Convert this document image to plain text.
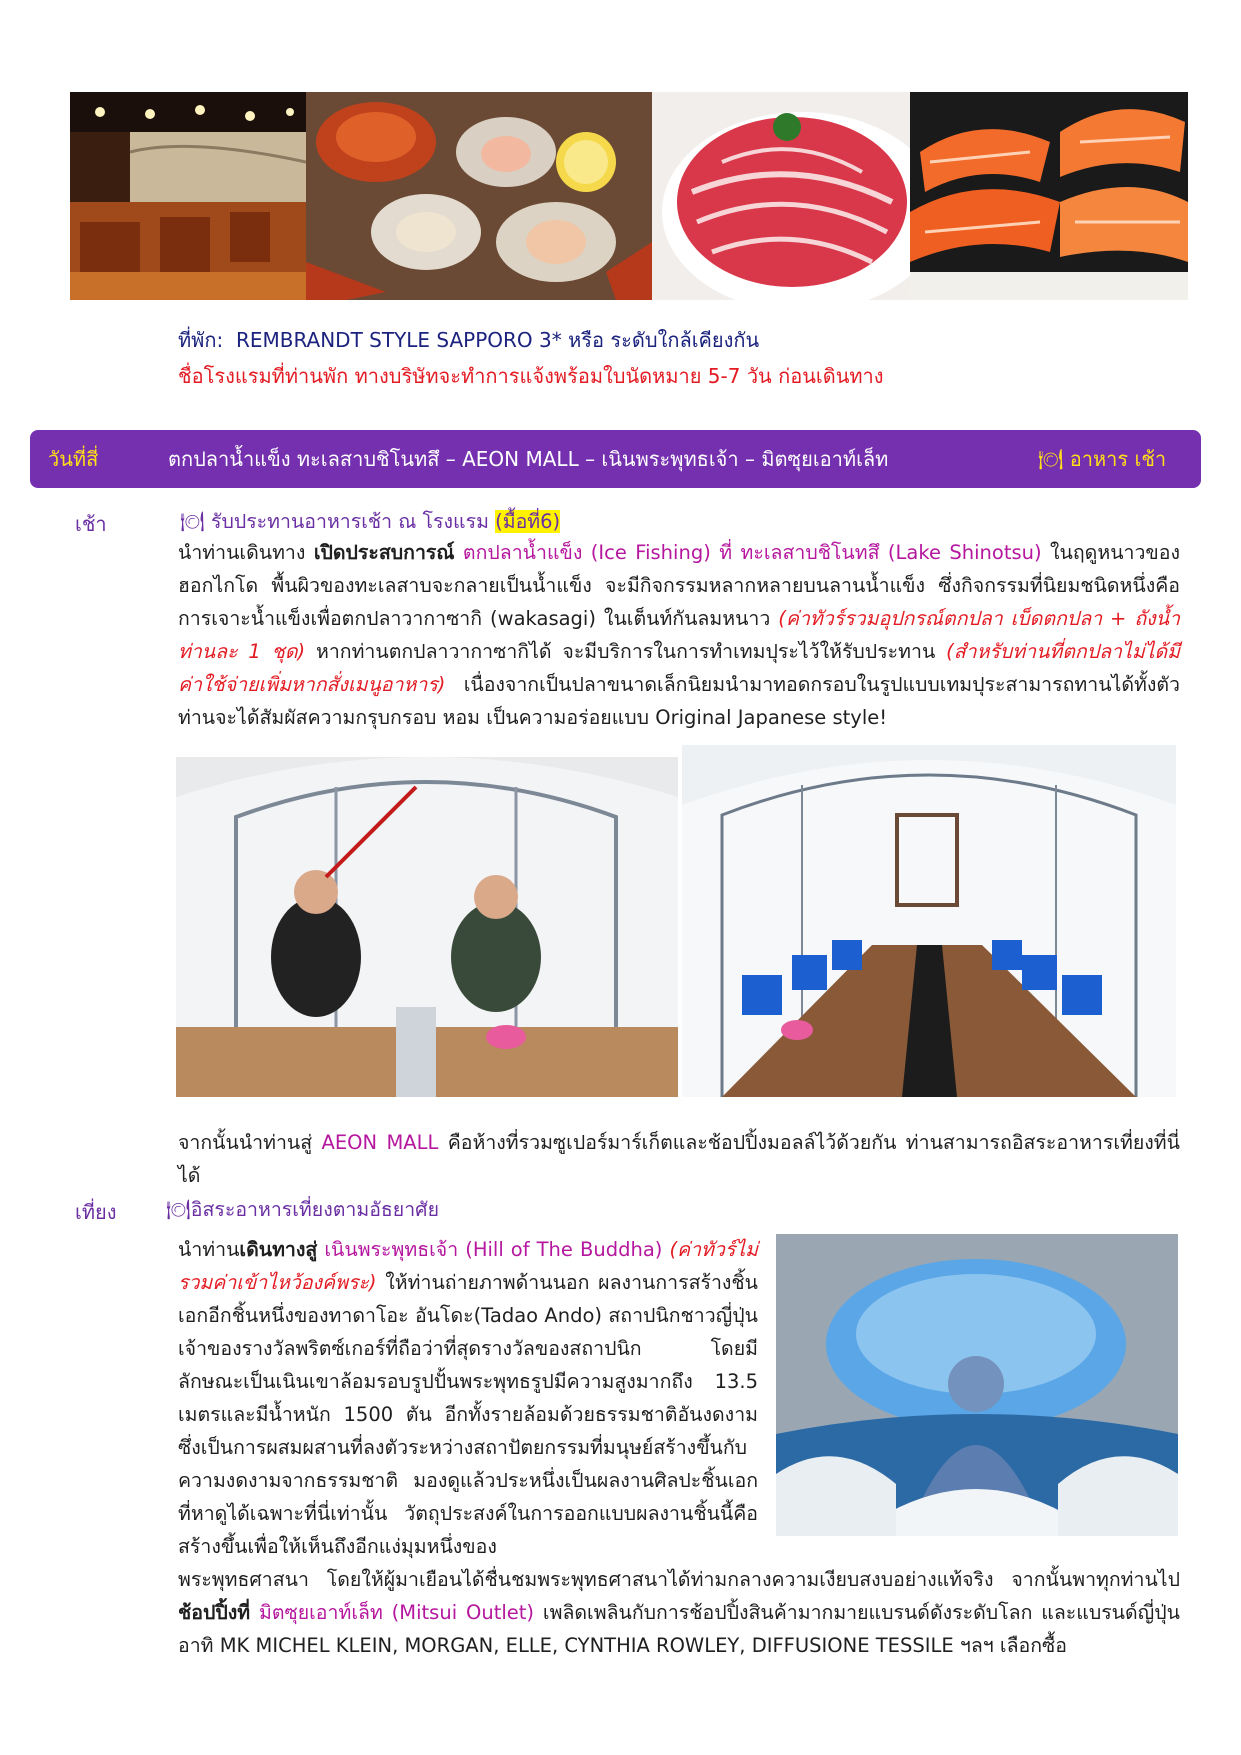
ที่พัก: REMBRANDT STYLE SAPPORO 3* หรือ ระดับใกล้เคียงกัน
ชื่อโรงแรมที่ท่านพัก ทางบริษัทจะทำการแจ้งพร้อมใบนัดหมาย 5-7 วัน ก่อนเดินทาง
วันที่สี่	ตกปลาน้ำแข็ง ทะเลสาบชิโนทสึ – AEON MALL – เนินพระพุทธเจ้า – มิตซุยเอาท์เล็ท	🍽 อาหาร เช้า
เช้า	🍽 รับประทานอาหารเช้า ณ โรงแรม (มื้อที่6)
นำท่านเดินทาง เปิดประสบการณ์ ตกปลาน้ำแข็ง (Ice Fishing) ที่ ทะเลสาบชิโนทสึ (Lake Shinotsu) ในฤดูหนาวของฮอกไกโด พื้นผิวของทะเลสาบจะกลายเป็นน้ำแข็ง จะมีกิจกรรมหลากหลายบนลานน้ำแข็ง ซึ่งกิจกรรมที่นิยมชนิดหนึ่งคือ การเจาะน้ำแข็งเพื่อตกปลาวากาซากิ (wakasagi) ในเต็นท์กันลมหนาว (ค่าทัวร์รวมอุปกรณ์ตกปลา เบ็ดตกปลา + ถังน้ำ ท่านละ 1 ชุด) หากท่านตกปลาวากาซากิได้ จะมีบริการในการทำเทมปุระไว้ให้รับประทาน (สำหรับท่านที่ตกปลาไม่ได้มีค่าใช้จ่ายเพิ่มหากสั่งเมนูอาหาร) เนื่องจากเป็นปลาขนาดเล็กนิยมนำมาทอดกรอบในรูปแบบเทมปุระสามารถทานได้ทั้งตัว ท่านจะได้สัมผัสความกรุบกรอบ หอม เป็นความอร่อยแบบ Original Japanese style!
จากนั้นนำท่านสู่ AEON MALL คือห้างที่รวมซูเปอร์มาร์เก็ตและช้อปปิ้งมอลล์ไว้ด้วยกัน ท่านสามารถอิสระอาหารเที่ยงที่นี่ได้
เที่ยง	🍽อิสระอาหารเที่ยงตามอัธยาศัย
นำท่านเดินทางสู่ เนินพระพุทธเจ้า (Hill of The Buddha) (ค่าทัวร์ไม่รวมค่าเข้าไหว้องค์พระ) ให้ท่านถ่ายภาพด้านนอก ผลงานการสร้างชิ้นเอกอีกชิ้นหนึ่งของทาดาโอะ อันโดะ(Tadao Ando) สถาปนิกชาวญี่ปุ่นเจ้าของรางวัลพริตซ์เกอร์ที่ถือว่าที่สุดรางวัลของสถาปนิก โดยมีลักษณะเป็นเนินเขาล้อมรอบรูปปั้นพระพุทธรูปมีความสูงมากถึง 13.5 เมตรและมีน้ำหนัก 1500 ตัน อีกทั้งรายล้อมด้วยธรรมชาติอันงดงาม ซึ่งเป็นการผสมผสานที่ลงตัวระหว่างสถาปัตยกรรมที่มนุษย์สร้างขึ้นกับความงดงามจากธรรมชาติ มองดูแล้วประหนึ่งเป็นผลงานศิลปะชิ้นเอกที่หาดูได้เฉพาะที่นี่เท่านั้น วัตถุประสงค์ในการออกแบบผลงานชิ้นนี้คือ สร้างขึ้นเพื่อให้เห็นถึงอีกแง่มุมหนึ่งของ
พระพุทธศาสนา โดยให้ผู้มาเยือนได้ชื่นชมพระพุทธศาสนาได้ท่ามกลางความเงียบสงบอย่างแท้จริง จากนั้นพาทุกท่านไปช้อปปิ้งที่ มิตซุยเอาท์เล็ท (Mitsui Outlet) เพลิดเพลินกับการช้อปปิ้งสินค้ามากมายแบรนด์ดังระดับโลก และแบรนด์ญี่ปุ่น อาทิ MK MICHEL KLEIN, MORGAN, ELLE, CYNTHIA ROWLEY, DIFFUSIONE TESSILE ฯลฯ เลือกซื้อ
